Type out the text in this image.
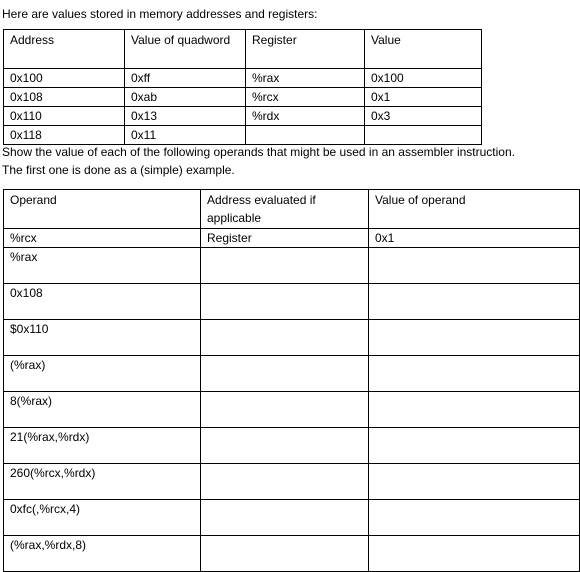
Here are values stored in memory addresses and registers:

Address	Value of quadword	Register	Value
0x100	0xff	%rax	0x100
0x108	0xab	%rcx	0x1
0x110	0x13	%rdx	0x3
0x118	0x11		

Show the value of each of the following operands that might be used in an assembler instruction.

The first one is done as a (simple) example.

Operand	Address evaluated if applicable	Value of operand
%rcx	Register	0x1
%rax		
0x108		
$0x110		
(%rax)		
8(%rax)		
21(%rax,%rdx)		
260(%rcx,%rdx)		
0xfc(,%rcx,4)		
(%rax,%rdx,8)		
